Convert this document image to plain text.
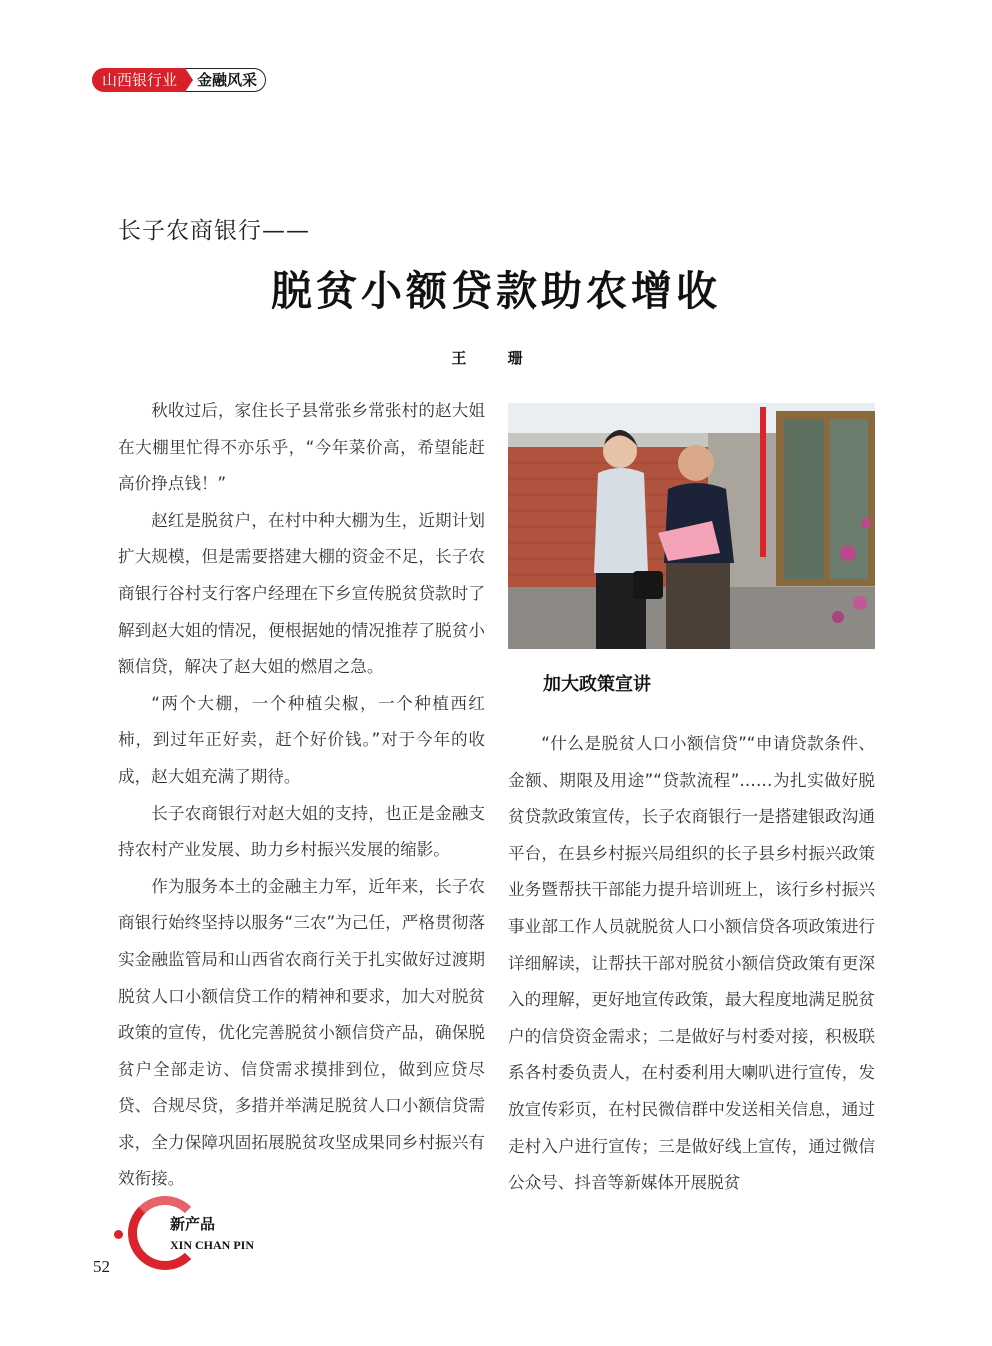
山西银行业	金融风采
长子农商银行——
脱贫小额贷款助农增收
王 珊

秋收过后，家住长子县常张乡常张村的赵大姐在大棚里忙得不亦乐乎，“今年菜价高，希望能赶高价挣点钱！”

赵红是脱贫户，在村中种大棚为生，近期计划扩大规模，但是需要搭建大棚的资金不足，长子农商银行谷村支行客户经理在下乡宣传脱贫贷款时了解到赵大姐的情况，便根据她的情况推荐了脱贫小额信贷，解决了赵大姐的燃眉之急。

“两个大棚，一个种植尖椒，一个种植西红柿，到过年正好卖，赶个好价钱。”对于今年的收成，赵大姐充满了期待。

长子农商银行对赵大姐的支持，也正是金融支持农村产业发展、助力乡村振兴发展的缩影。

作为服务本土的金融主力军，近年来，长子农商银行始终坚持以服务“三农”为己任，严格贯彻落实金融监管局和山西省农商行关于扎实做好过渡期脱贫人口小额信贷工作的精神和要求，加大对脱贫政策的宣传，优化完善脱贫小额信贷产品，确保脱贫户全部走访、信贷需求摸排到位，做到应贷尽贷、合规尽贷，多措并举满足脱贫人口小额信贷需求，全力保障巩固拓展脱贫攻坚成果同乡村振兴有效衔接。

加大政策宣讲

“什么是脱贫人口小额信贷”“申请贷款条件、金额、期限及用途”“贷款流程”……为扎实做好脱贫贷款政策宣传，长子农商银行一是搭建银政沟通平台，在县乡村振兴局组织的长子县乡村振兴政策业务暨帮扶干部能力提升培训班上，该行乡村振兴事业部工作人员就脱贫人口小额信贷各项政策进行详细解读，让帮扶干部对脱贫小额信贷政策有更深入的理解，更好地宣传政策，最大程度地满足脱贫户的信贷资金需求；二是做好与村委对接，积极联系各村委负责人，在村委利用大喇叭进行宣传，发放宣传彩页，在村民微信群中发送相关信息，通过走村入户进行宣传；三是做好线上宣传，通过微信公众号、抖音等新媒体开展脱贫

新产品
XIN CHAN PIN
52
